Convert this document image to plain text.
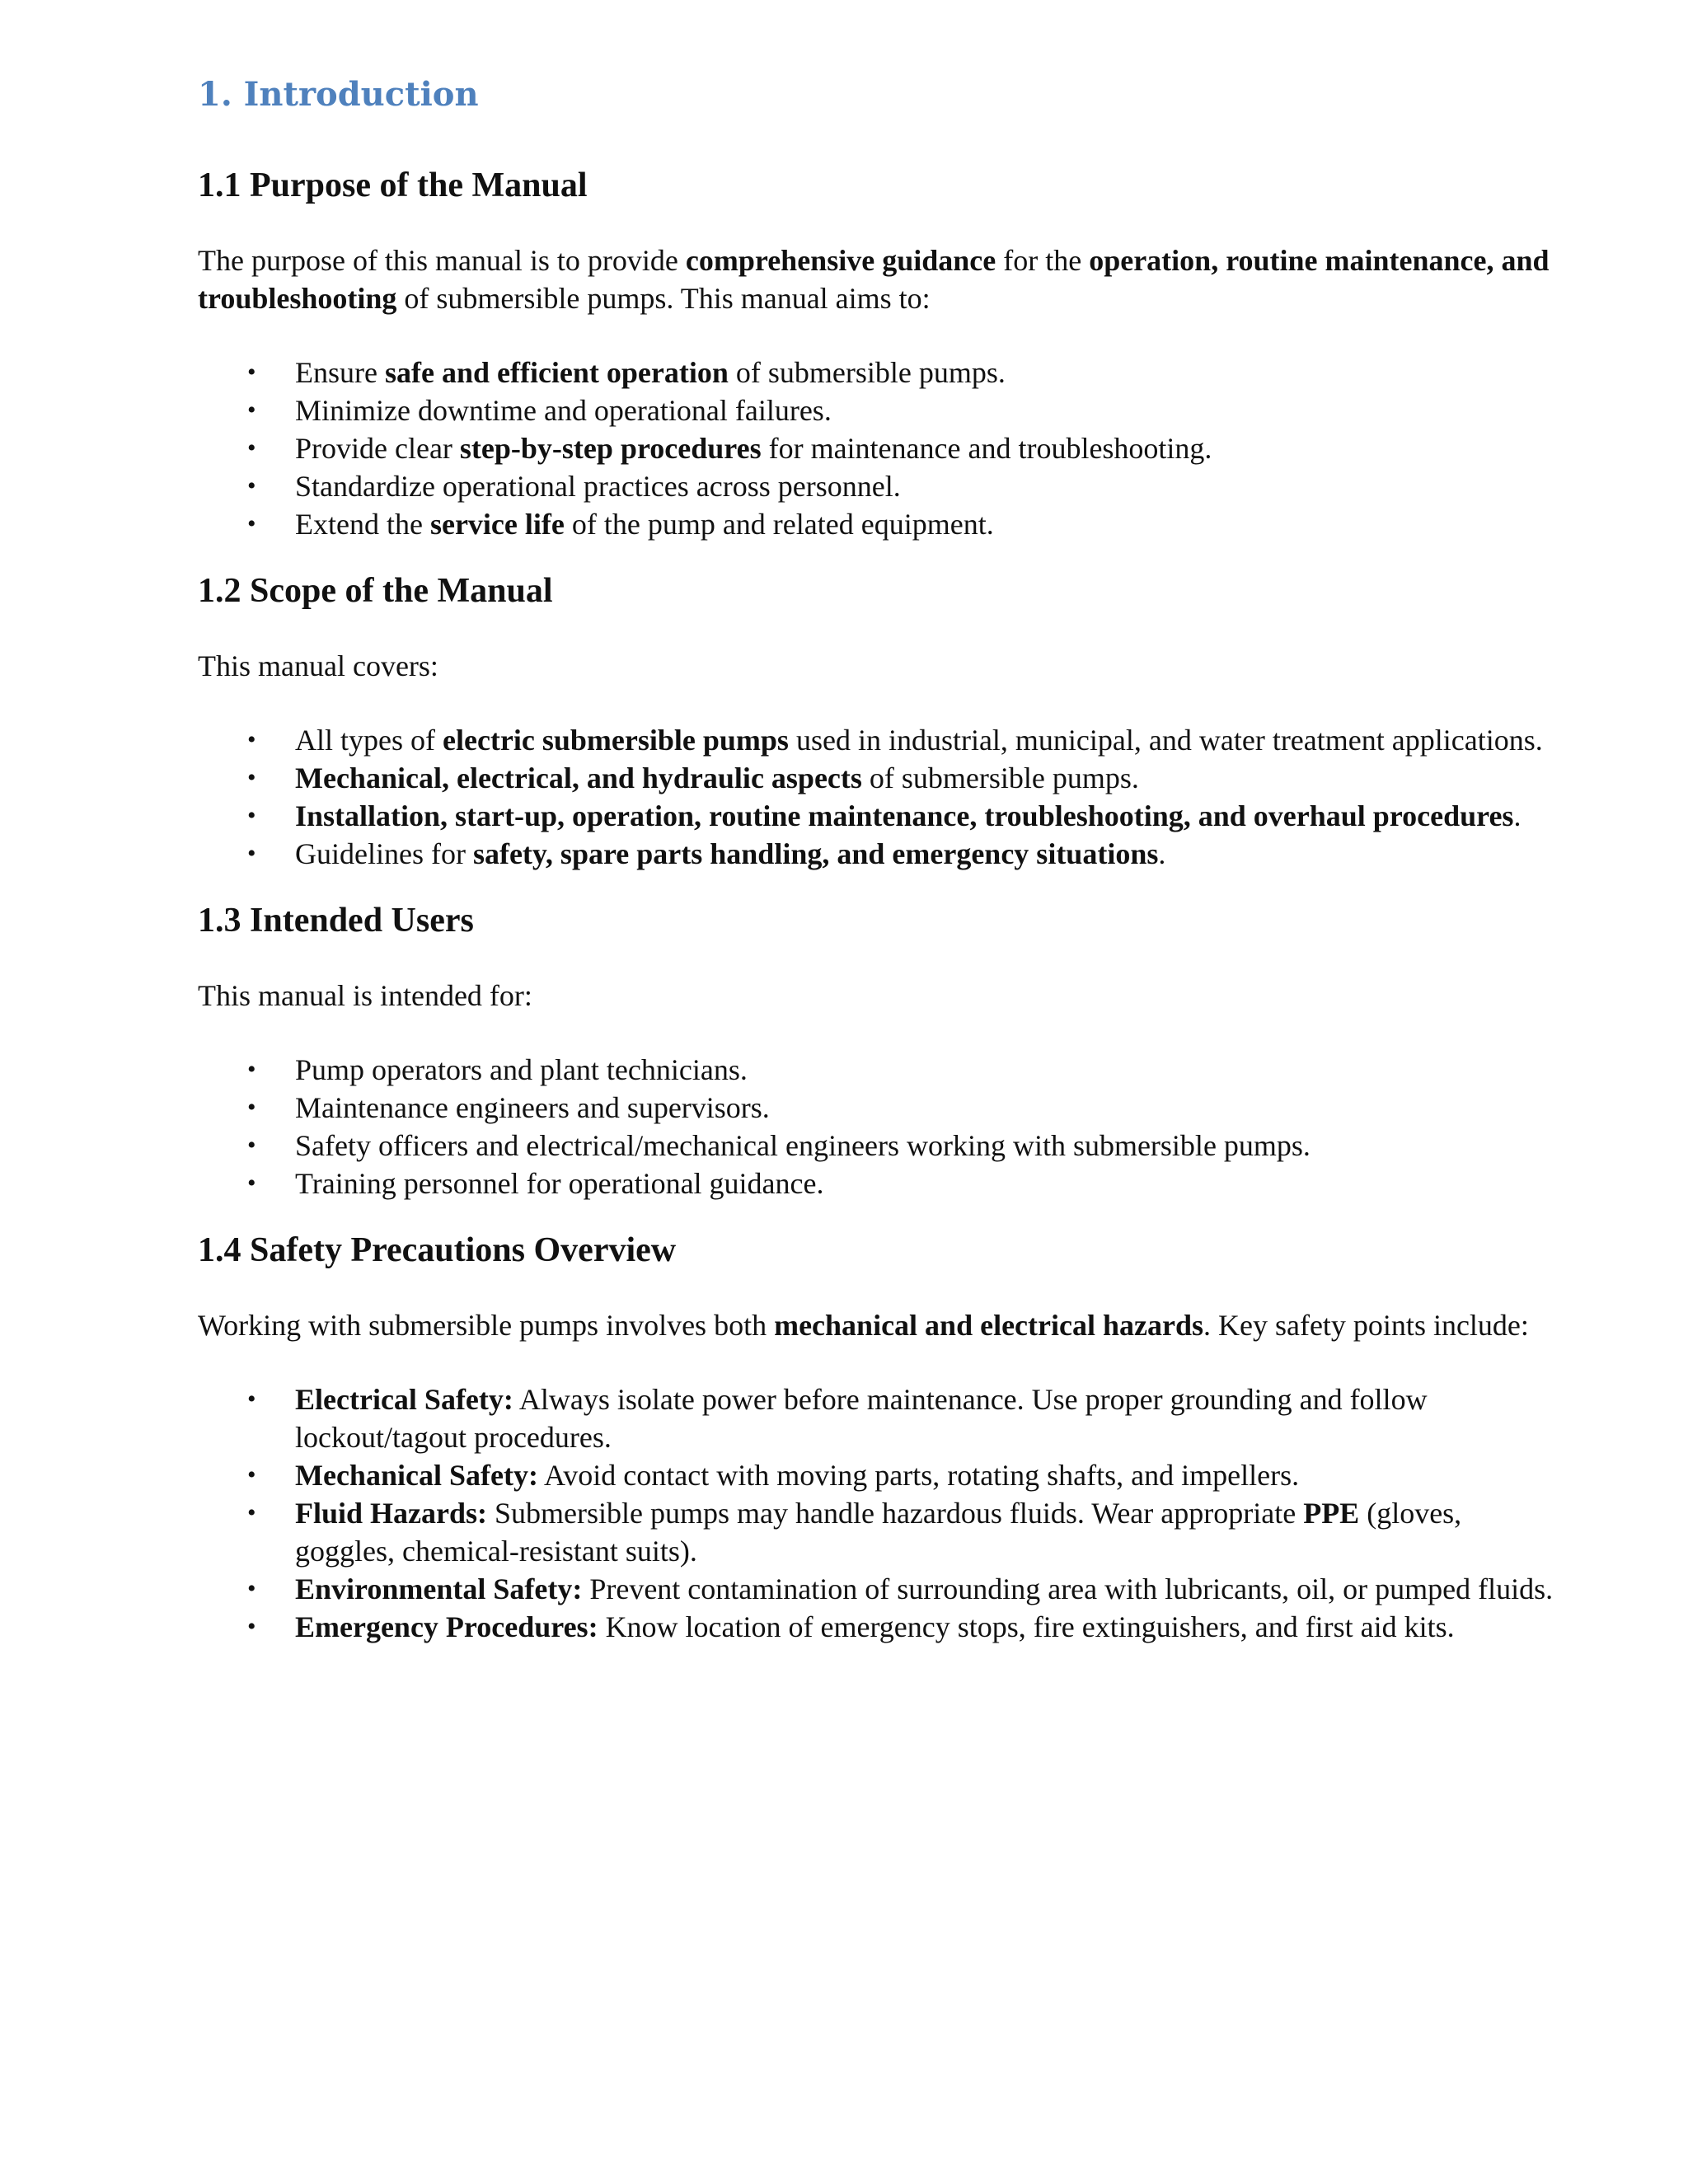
1. Introduction
1.1 Purpose of the Manual

The purpose of this manual is to provide comprehensive guidance for the operation, routine maintenance, and troubleshooting of submersible pumps. This manual aims to:

• Ensure safe and efficient operation of submersible pumps.
• Minimize downtime and operational failures.
• Provide clear step-by-step procedures for maintenance and troubleshooting.
• Standardize operational practices across personnel.
• Extend the service life of the pump and related equipment.
1.2 Scope of the Manual

This manual covers:

• All types of electric submersible pumps used in industrial, municipal, and water treatment applications.
• Mechanical, electrical, and hydraulic aspects of submersible pumps.
• Installation, start-up, operation, routine maintenance, troubleshooting, and overhaul procedures.
• Guidelines for safety, spare parts handling, and emergency situations.
1.3 Intended Users

This manual is intended for:

• Pump operators and plant technicians.
• Maintenance engineers and supervisors.
• Safety officers and electrical/mechanical engineers working with submersible pumps.
• Training personnel for operational guidance.
1.4 Safety Precautions Overview

Working with submersible pumps involves both mechanical and electrical hazards. Key safety points include:

• Electrical Safety: Always isolate power before maintenance. Use proper grounding and follow lockout/tagout procedures.
• Mechanical Safety: Avoid contact with moving parts, rotating shafts, and impellers.
• Fluid Hazards: Submersible pumps may handle hazardous fluids. Wear appropriate PPE (gloves, goggles, chemical-resistant suits).
• Environmental Safety: Prevent contamination of surrounding area with lubricants, oil, or pumped fluids.
• Emergency Procedures: Know location of emergency stops, fire extinguishers, and first aid kits.
